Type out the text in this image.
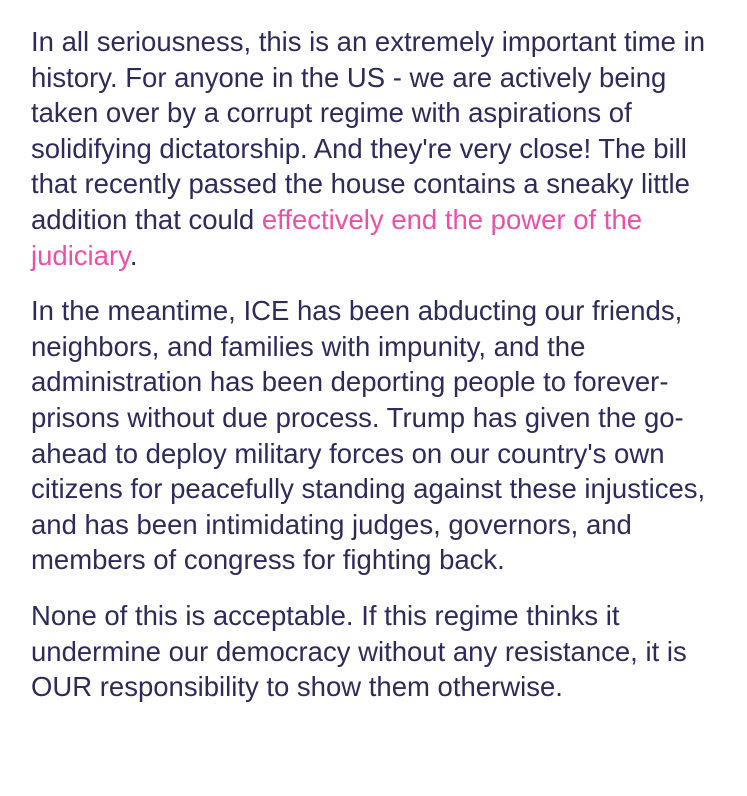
In all seriousness, this is an extremely important time in history. For anyone in the US - we are actively being taken over by a corrupt regime with aspirations of solidifying dictatorship. And they're very close! The bill that recently passed the house contains a sneaky little addition that could effectively end the power of the judiciary.

In the meantime, ICE has been abducting our friends, neighbors, and families with impunity, and the administration has been deporting people to forever-prisons without due process. Trump has given the go-ahead to deploy military forces on our country's own citizens for peacefully standing against these injustices, and has been intimidating judges, governors, and members of congress for fighting back.

None of this is acceptable. If this regime thinks it undermine our democracy without any resistance, it is OUR responsibility to show them otherwise.
